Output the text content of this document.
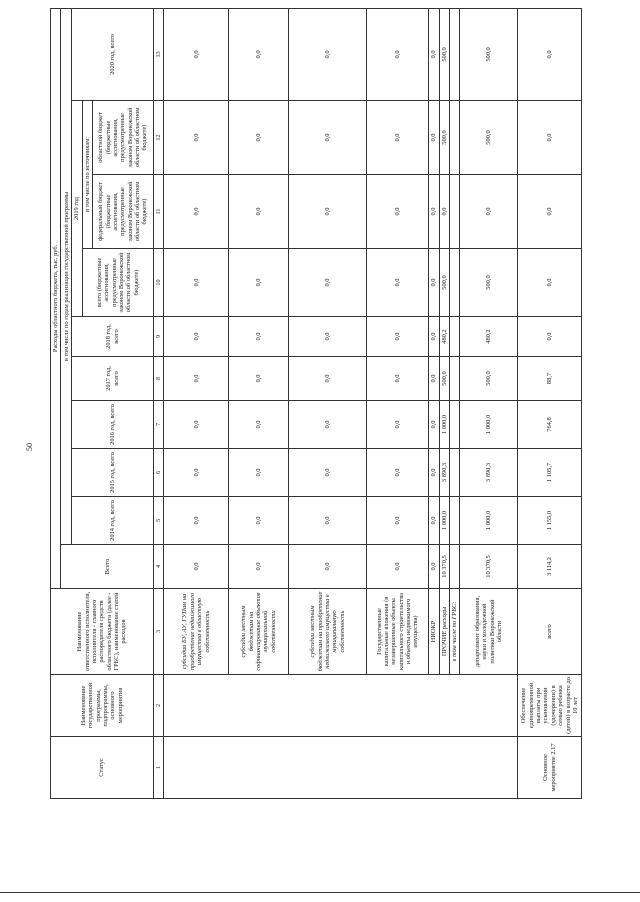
50
Статус	Наименование государственной программы, подпрограммы, основного мероприятия	Наименование ответственного исполнителя, исполнителя - главного распорядителя средств областного бюджета (далее - ГРБС), наименование статей расходов	Расходы областного бюджета, тыс. руб.									
			Всего	в том числе по годам реализации государственной программы								
				2014 год, всего	2015 год, всего	2016 год, всего	2017 год, всего	2018 год, всего	2019 год			2020 год, всего
									всего (бюджетные ассигнования, предусмотренные законом Воронежской области об областном бюджете)	в том числе по источникам:		
										федеральный бюджет (бюджетные ассигнования, предусмотренные законом Воронежской области об областном бюджете)	областной бюджет (бюджетные ассигнования, предусмотренные законом Воронежской области об областном бюджете)	
1	2	3	4	5	6	7	8	9	10	11	12	13
		субсидии БУ, АУ, ГУПам на приобретение недвижимого имущества в областную собственность	0,0	0,0	0,0	0,0	0,0	0,0	0,0	0,0	0,0	0,0
		субсидии местным бюджетам на софинансирование объектов муниципальной собственности	0,0	0,0	0,0	0,0	0,0	0,0	0,0	0,0	0,0	0,0
		субсидии местным бюджетам на приобретение недвижимого имущества в муниципальную собственность	0,0	0,0	0,0	0,0	0,0	0,0	0,0	0,0	0,0	0,0
		Государственные капитальные вложения (в незавершенные объекты капитального строительства и объекты недвижимого имущества)	0,0	0,0	0,0	0,0	0,0	0,0	0,0	0,0	0,0	0,0
		НИОКР	0,0	0,0	0,0	0,0	0,0	0,0	0,0	0,0	0,0	0,0
		ПРОЧИЕ расходы	10 370,5	1 000,0	3 890,3	1 000,0	500,0	480,2	500,0	0,0	500,0	500,0
		в том числе по ГРБС:										
		департамент образования, науки и молодежной политики Воронежской области	10 370,5	1 000,0	3 890,3	1 000,0	500,0	480,2	500,0	0,0	500,0	500,0
Основное мероприятие 2.17	Обеспечение единовременной выплаты при усыновлении (удочерении) в семью ребенка (детей) в возрасте до 10 лет	всего	3 114,2	1 155,0	1 105,7	764,8	88,7	0,0	0,0	0,0	0,0	0,0
